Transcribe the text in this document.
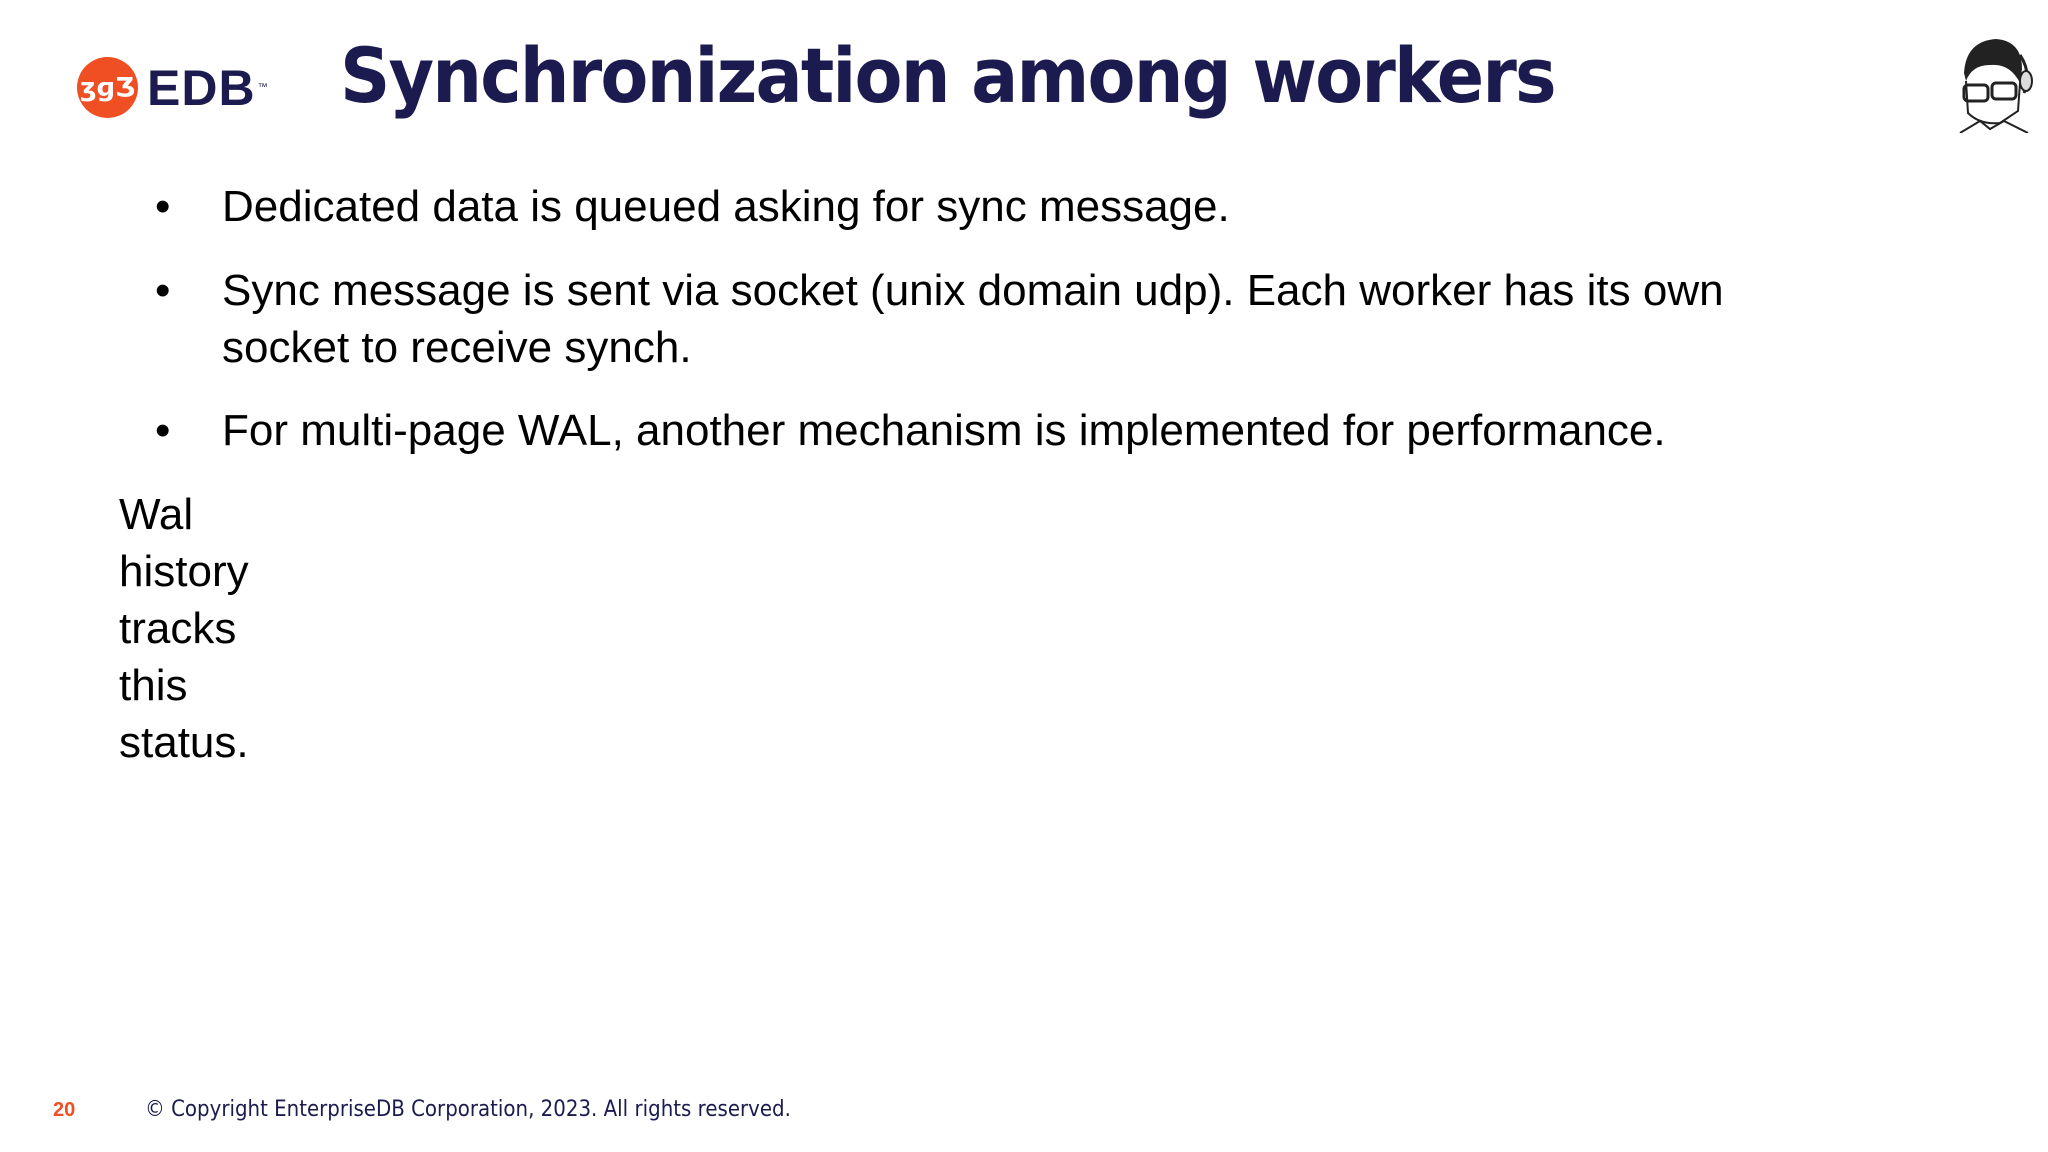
ʒɡƷ EDB ™ Synchronization among workers
• Dedicated data is queued asking for sync message.
• Sync message is sent via socket (unix domain udp). Each worker has its own socket to receive synch.
• For multi-page WAL, another mechanism is implemented for performance.
Wal history tracks this status.
20	© Copyright EnterpriseDB Corporation, 2023. All rights reserved.
